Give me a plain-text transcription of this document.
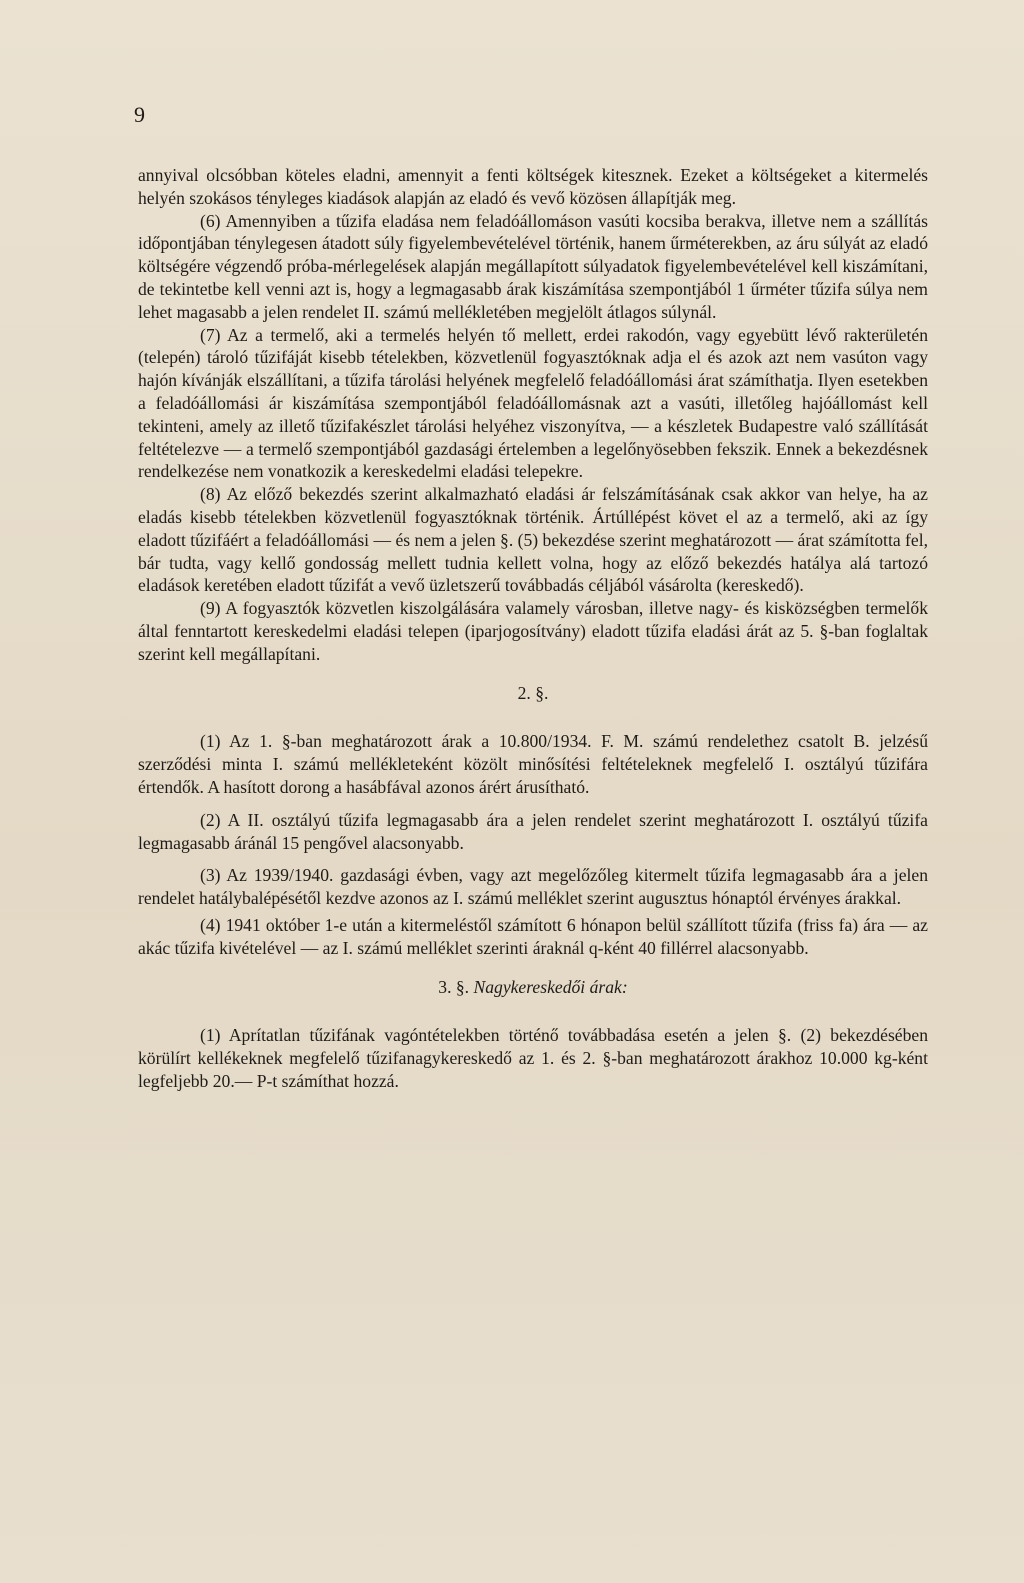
9

annyival olcsóbban köteles eladni, amennyit a fenti költségek kitesznek. Ezeket a költségeket a kitermelés helyén szokásos tényleges kiadások alapján az eladó és vevő közösen állapítják meg.

(6) Amennyiben a tűzifa eladása nem feladóállomáson vasúti kocsiba berakva, illetve nem a szállítás időpontjában ténylegesen átadott súly figyelembevételével történik, hanem űrméterekben, az áru súlyát az eladó költségére végzendő próba-mérlegelések alapján megállapított súlyadatok figyelembevételével kell kiszámítani, de tekintetbe kell venni azt is, hogy a legmagasabb árak kiszámítása szempontjából 1 űrméter tűzifa súlya nem lehet magasabb a jelen rendelet II. számú mellékletében megjelölt átlagos súlynál.

(7) Az a termelő, aki a termelés helyén tő mellett, erdei rakodón, vagy egyebütt lévő rakterületén (telepén) tároló tűzifáját kisebb tételekben, közvetlenül fogyasztóknak adja el és azok azt nem vasúton vagy hajón kívánják elszállítani, a tűzifa tárolási helyének megfelelő feladóállomási árat számíthatja. Ilyen esetekben a feladóállomási ár kiszámítása szempontjából feladóállomásnak azt a vasúti, illetőleg hajóállomást kell tekinteni, amely az illető tűzifakészlet tárolási helyéhez viszonyítva, — a készletek Budapestre való szállítását feltételezve — a termelő szempontjából gazdasági értelemben a legelőnyösebben fekszik. Ennek a bekezdésnek rendelkezése nem vonatkozik a kereskedelmi eladási telepekre.

(8) Az előző bekezdés szerint alkalmazható eladási ár felszámításának csak akkor van helye, ha az eladás kisebb tételekben közvetlenül fogyasztóknak történik. Ártúllépést követ el az a termelő, aki az így eladott tűzifáért a feladóállomási — és nem a jelen §. (5) bekezdése szerint meghatározott — árat számította fel, bár tudta, vagy kellő gondosság mellett tudnia kellett volna, hogy az előző bekezdés hatálya alá tartozó eladások keretében eladott tűzifát a vevő üzletszerű továbbadás céljából vásárolta (kereskedő).

(9) A fogyasztók közvetlen kiszolgálására valamely városban, illetve nagy- és kisközségben termelők által fenntartott kereskedelmi eladási telepen (iparjogosítvány) eladott tűzifa eladási árát az 5. §-ban foglaltak szerint kell megállapítani.

2. §.

(1) Az 1. §-ban meghatározott árak a 10.800/1934. F. M. számú rendelethez csatolt B. jelzésű szerződési minta I. számú mellékleteként közölt minősítési feltételeknek megfelelő I. osztályú tűzifára értendők. A hasított dorong a hasábfával azonos árért árusítható.

(2) A II. osztályú tűzifa legmagasabb ára a jelen rendelet szerint meghatározott I. osztályú tűzifa legmagasabb áránál 15 pengővel alacsonyabb.

(3) Az 1939/1940. gazdasági évben, vagy azt megelőzőleg kitermelt tűzifa legmagasabb ára a jelen rendelet hatálybalépésétől kezdve azonos az I. számú melléklet szerint augusztus hónaptól érvényes árakkal.

(4) 1941 október 1-e után a kitermeléstől számított 6 hónapon belül szállított tűzifa (friss fa) ára — az akác tűzifa kivételével — az I. számú melléklet szerinti áraknál q-ként 40 fillérrel alacsonyabb.

3. §. Nagykereskedői árak:

(1) Aprítatlan tűzifának vagóntételekben történő továbbadása esetén a jelen §. (2) bekezdésében körülírt kellékeknek megfelelő tűzifanagykereskedő az 1. és 2. §-ban meghatározott árakhoz 10.000 kg-ként legfeljebb 20.— P-t számíthat hozzá.
